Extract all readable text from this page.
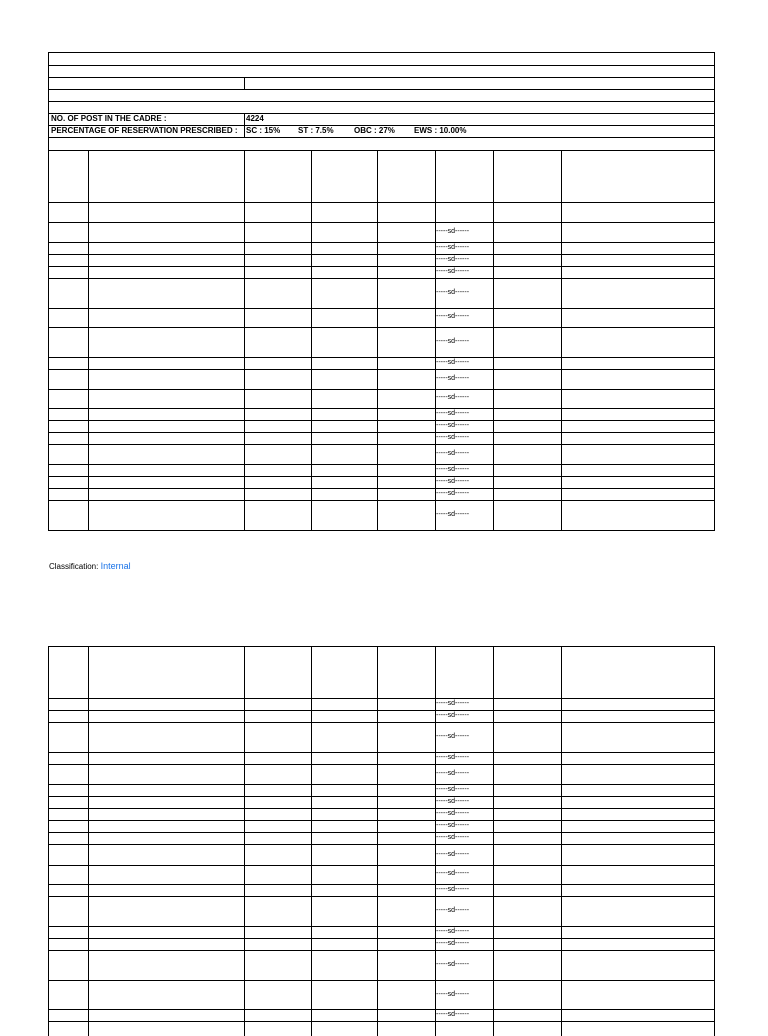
NO. OF POST IN THE CADRE :	4224
PERCENTAGE OF RESERVATION PRESCRIBED : SC : 15% ST : 7.5%	OBC : 27% EWS : 10.00%
-----sd------
-----sd------
-----sd------
-----sd------
-----sd------
-----sd------
-----sd------
-----sd------
-----sd------
-----sd------
-----sd------
-----sd------
-----sd------
-----sd------
-----sd------
-----sd------
-----sd------
-----sd------
Classification: Internal
-----sd------
-----sd------
-----sd------
-----sd------
-----sd------
-----sd------
-----sd------
-----sd------
-----sd------
-----sd------
-----sd------
-----sd------
-----sd------
-----sd------
-----sd------
-----sd------
-----sd------
-----sd------
-----sd------
